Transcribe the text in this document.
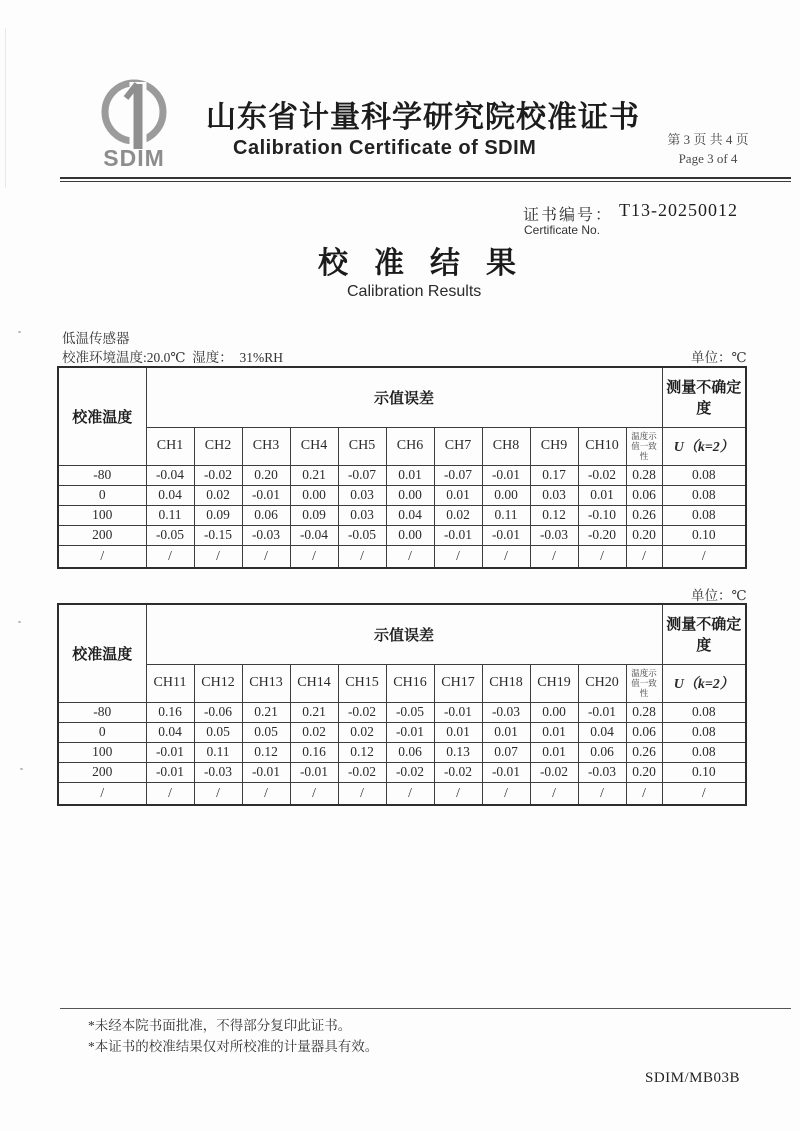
SDIM
山东省计量科学研究院校准证书
Calibration Certificate of SDIM	第 3 页 共 4 页
Page 3 of 4
证书编号： T13-20250012
Certificate No.
校准结果
Calibration Results
低温传感器
校准环境温度:20.0℃  湿度：  31%RH	单位：℃
单位：℃
校准温度	示值误差											测量不确定度
	CH1	CH2	CH3	CH4	CH5	CH6	CH7	CH8	CH9	CH10	温度示值一致性	U（k=2）
-80	-0.04	-0.02	0.20	0.21	-0.07	0.01	-0.07	-0.01	0.17	-0.02	0.28	0.08
0	0.04	0.02	-0.01	0.00	0.03	0.00	0.01	0.00	0.03	0.01	0.06	0.08
100	0.11	0.09	0.06	0.09	0.03	0.04	0.02	0.11	0.12	-0.10	0.26	0.08
200	-0.05	-0.15	-0.03	-0.04	-0.05	0.00	-0.01	-0.01	-0.03	-0.20	0.20	0.10
/	/	/	/	/	/	/	/	/	/	/	/	/
校准温度	示值误差											测量不确定度
	CH11	CH12	CH13	CH14	CH15	CH16	CH17	CH18	CH19	CH20	温度示值一致性	U（k=2）
-80	0.16	-0.06	0.21	0.21	-0.02	-0.05	-0.01	-0.03	0.00	-0.01	0.28	0.08
0	0.04	0.05	0.05	0.02	0.02	-0.01	0.01	0.01	0.01	0.04	0.06	0.08
100	-0.01	0.11	0.12	0.16	0.12	0.06	0.13	0.07	0.01	0.06	0.26	0.08
200	-0.01	-0.03	-0.01	-0.01	-0.02	-0.02	-0.02	-0.01	-0.02	-0.03	0.20	0.10
/	/	/	/	/	/	/	/	/	/	/	/	/
*未经本院书面批准，不得部分复印此证书。
*本证书的校准结果仅对所校准的计量器具有效。
SDIM/MB03B
